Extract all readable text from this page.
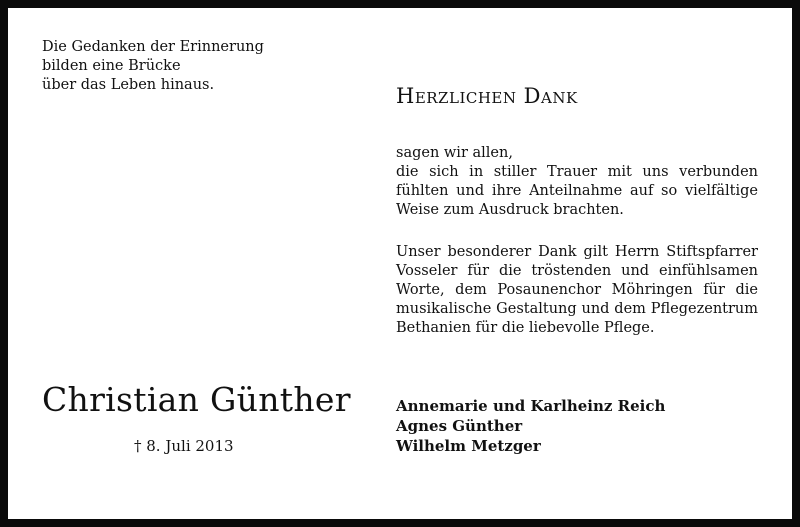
Die Gedanken der Erinnerung
bilden eine Brücke
über das Leben hinaus.	Herzlichen Dank

sagen wir allen,

die sich in stiller Trauer mit uns verbunden fühlten und ihre Anteilnahme auf so vielfältige Weise zum Ausdruck brachten.

Unser besonderer Dank gilt Herrn Stiftspfarrer Vosseler für die tröstenden und einfühlsamen Worte, dem Posaunenchor Möhringen für die musikalische Gestaltung und dem Pflegezentrum Bethanien für die liebevolle Pflege.

Christian Günther
† 8. Juli 2013
Annemarie und Karlheinz Reich
Agnes Günther
Wilhelm Metzger
